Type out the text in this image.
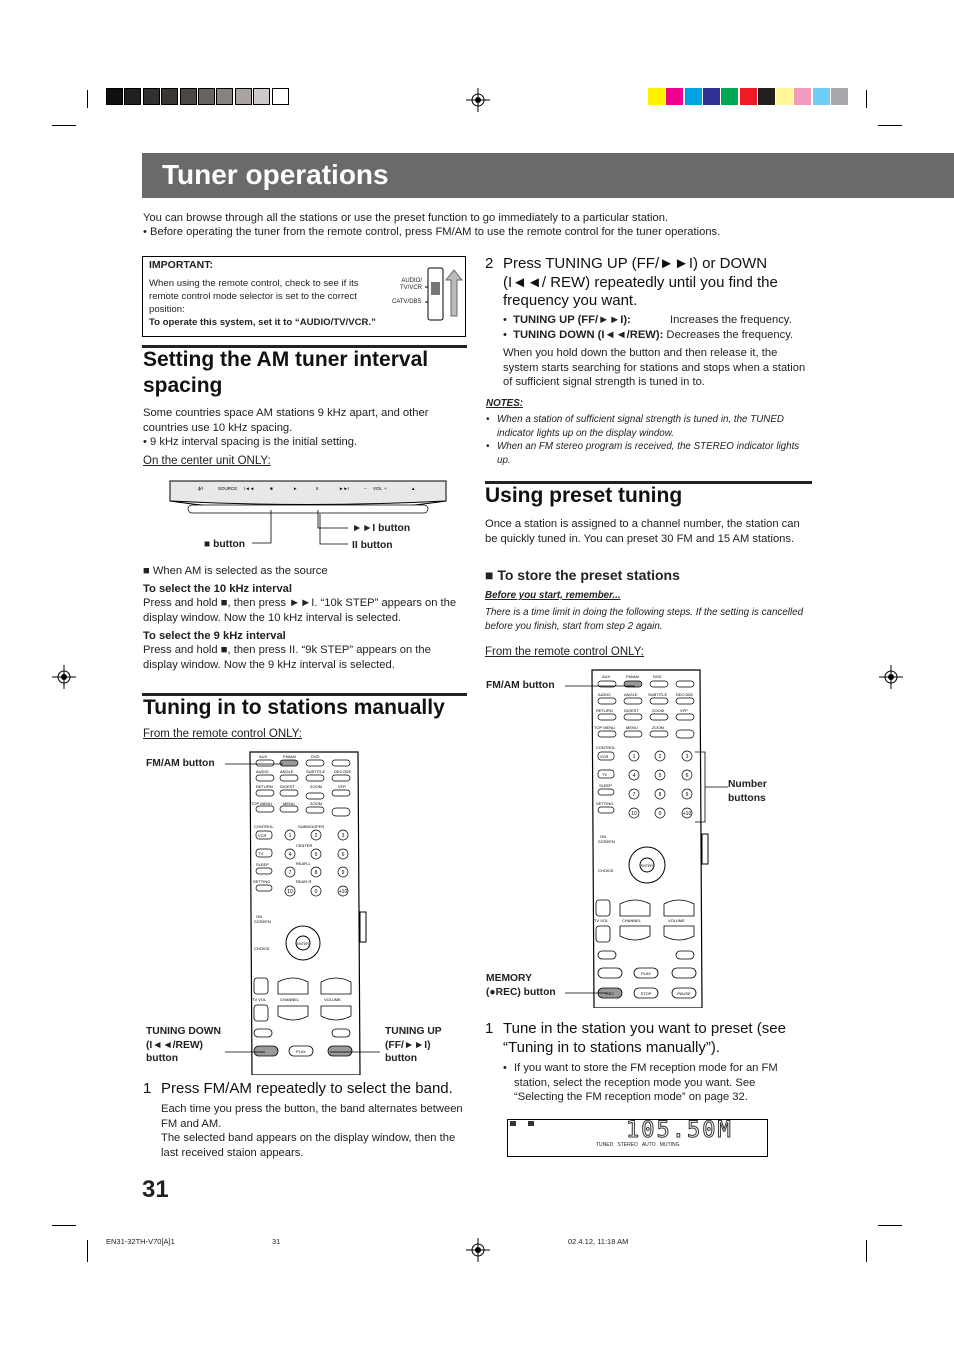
Tuner operations
You can browse through all the stations or use the preset function to go immediately to a particular station.
• Before operating the tuner from the remote control, press FM/AM to use the remote control for the tuner operations.
IMPORTANT:
When using the remote control, check to see if its remote control mode selector is set to the correct position:
To operate this system, set it to “AUDIO/TV/VCR.”
AUDIO/
TV/VCR
CATV/DBS
Setting the AM tuner interval spacing
Some countries space AM stations 9 kHz apart, and other countries use 10 kHz spacing.
• 9 kHz interval spacing is the initial setting.
On the center unit ONLY:
ɸ/I	SOURCE I◄◄	■	►	II	►►I	– VOL +	▲
■ button
►►I button
II button
■ When AM is selected as the source
To select the 10 kHz interval
Press and hold ■, then press ►►I. “10k STEP” appears on the display window. Now the 10 kHz interval is selected.
To select the 9 kHz interval
Press and hold ■, then press II. “9k STEP” appears on the display window. Now the 9 kHz interval is selected.
Tuning in to stations manually
From the remote control ONLY:
AUX	FM/AM	DVD
AUDIO	ANGLE	SUBTITLE DECODE
RETURN DIGEST	ZOOM	VFP
TOP MENU	MENU	ZOOM
1	2	3
4	5	6
7	8	9
10	0	+10
CONTROL
VCR
TV
SLEEP
SETTING
SUBWOOFER
CENTER
REAR-L
REAR-R
ENTER
ON
SCREEN
CHOICE
TV VOL	CHANNEL	VOLUME
PLAY
FM/AM button
TUNING DOWN
(I◄◄/REW)
button
TUNING UP
(FF/►►I)
button
1 Press FM/AM repeatedly to select the band.
Each time you press the button, the band alternates between FM and AM.
The selected band appears on the display window, then the last received staion appears.
2 Press TUNING UP (FF/►►I) or DOWN (I◄◄/ REW) repeatedly until you find the frequency you want.
•  TUNING UP (FF/►►I):	Increases the frequency.
•  TUNING DOWN (I◄◄/REW): Decreases the frequency.
When you hold down the button and then release it, the system starts searching for stations and stops when a station of sufficient signal strength is tuned in to.
NOTES:
• When a station of sufficient signal strength is tuned in, the TUNED indicator lights up on the display window.
• When an FM stereo program is received, the STEREO indicator lights up.
Using preset tuning
Once a station is assigned to a channel number, the station can be quickly tuned in. You can preset 30 FM and 15 AM stations.
■ To store the preset stations
Before you start, remember...
There is a time limit in doing the following steps. If the setting is cancelled before you finish, start from step 2 again.
From the remote control ONLY:
AUX	FM/AM	DVD
AUDIO	ANGLE	SUBTITLE DECODE
RETURN	DIGEST	ZOOM	VFP
TOP MENU	MENU	ZOOM
1	2	3
4	5	6
7	8	9
10	0	+10
CONTROL
VCR
TV
SLEEP
SETTING
ENTER
ON
SCREEN
CHOICE
TV VOL	CHANNEL	VOLUME
PLAY
REC	STOP	PAUSE
FM/AM button
Number
buttons
MEMORY
(●REC) button
1 Tune in the station you want to preset (see “Tuning in to stations manually”).
• If you want to store the FM reception mode for an FM station, select the reception mode you want. See “Selecting the FM reception mode” on page 32.
105.50M
TUNED   STEREO   AUTO   MUTING
31
EN31-32TH-V70[A]1	31	02.4.12, 11:18 AM
